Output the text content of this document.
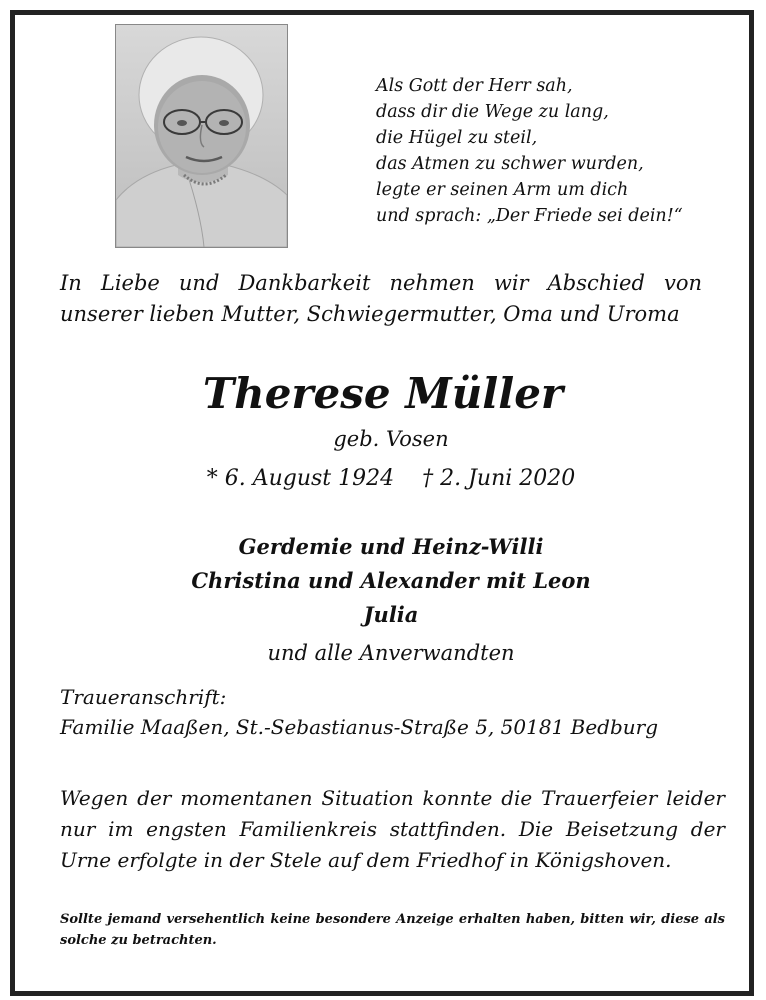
Als Gott der Herr sah,
dass dir die Wege zu lang,
die Hügel zu steil,
das Atmen zu schwer wurden,
legte er seinen Arm um dich
und sprach: „Der Friede sei dein!“
In Liebe und Dankbarkeit nehmen wir Abschied von unserer lieben Mutter, Schwiegermutter, Oma und Uroma
Therese Müller
geb. Vosen
* 6. August 1924    † 2. Juni 2020
Gerdemie und Heinz-Willi
Christina und Alexander mit Leon
Julia
und alle Anverwandten
Traueranschrift:
Familie Maaßen, St.-Sebastianus-Straße 5, 50181 Bedburg
Wegen der momentanen Situation konnte die Trauerfeier leider nur im engsten Familienkreis stattfinden. Die Beisetzung der Urne erfolgte in der Stele auf dem Friedhof in Königshoven.
Sollte jemand versehentlich keine besondere Anzeige erhalten haben, bitten wir, diese als solche zu betrachten.
